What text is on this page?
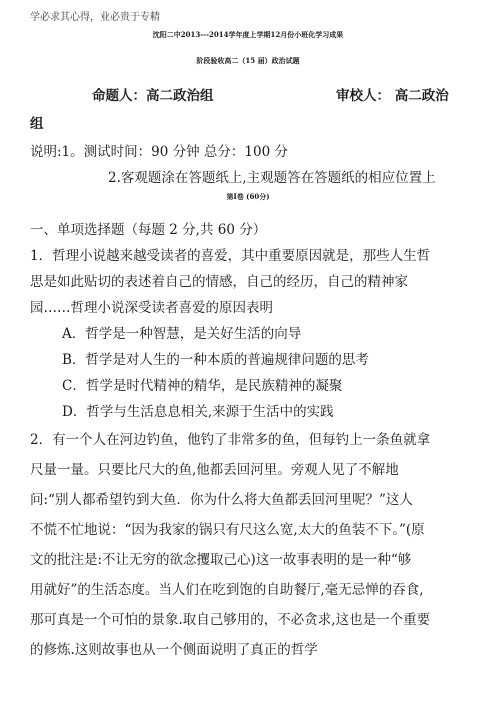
学必求其心得，业必贵于专精
沈阳二中2013---2014学年度上学期12月份小班化学习成果
阶段验收高二（15 届）政治试题
命题人：高二政治组	审校人： 高二政治
组
说明:1。测试时间：90 分钟 总分：100 分
2.客观题涂在答题纸上,主观题答在答题纸的相应位置上
第Ⅰ卷 (60分)
一、单项选择题（每题 2 分,共 60 分）
1．哲理小说越来越受读者的喜爱，其中重要原因就是，那些人生哲
思是如此贴切的表述着自己的情感，自己的经历，自己的精神家
园……哲理小说深受读者喜爱的原因表明
A．哲学是一种智慧，是关好生活的向导
B．哲学是对人生的一种本质的普遍规律问题的思考
C．哲学是时代精神的精华，是民族精神的凝聚
D．哲学与生活息息相关,来源于生活中的实践
2．有一个人在河边钓鱼，他钓了非常多的鱼，但每钓上一条鱼就拿
尺量一量。只要比尺大的鱼,他都丢回河里。旁观人见了不解地
问:“别人都希望钓到大鱼．你为什么将大鱼都丢回河里呢？”这人
不慌不忙地说：“因为我家的锅只有尺这么宽,太大的鱼装不下。”(原
文的批注是:不让无穷的欲念攫取己心)这一故事表明的是一种“够
用就好”的生活态度。当人们在吃到饱的自助餐厅,毫无忌惮的吞食,
那可真是一个可怕的景象.取自己够用的，不必贪求,这也是一个重要
的修炼.这则故事也从一个侧面说明了真正的哲学
